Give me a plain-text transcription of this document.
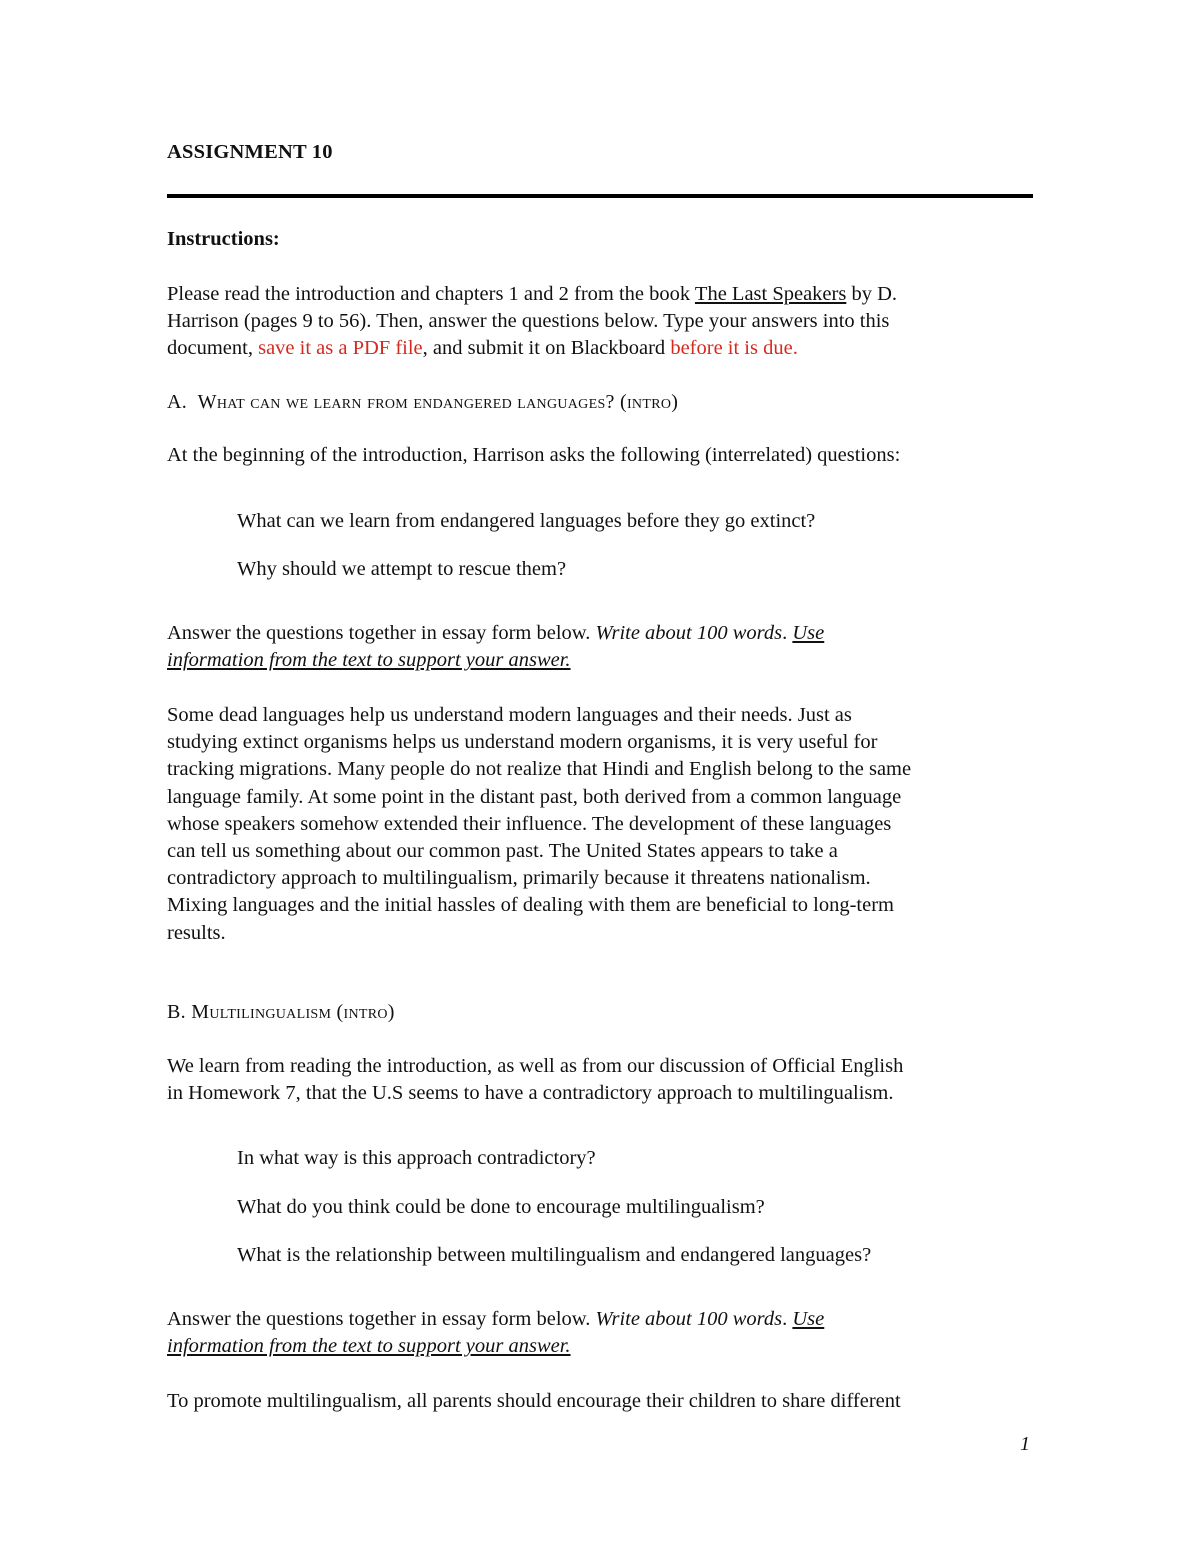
ASSIGNMENT 10
Instructions:
Please read the introduction and chapters 1 and 2 from the book The Last Speakers by D.
Harrison (pages 9 to 56). Then, answer the questions below. Type your answers into this
document, save it as a PDF file, and submit it on Blackboard before it is due.
A. What can we learn from endangered languages? (intro)
At the beginning of the introduction, Harrison asks the following (interrelated) questions:
What can we learn from endangered languages before they go extinct?
Why should we attempt to rescue them?
Answer the questions together in essay form below. Write about 100 words. Use
information from the text to support your answer.
Some dead languages help us understand modern languages and their needs. Just as
studying extinct organisms helps us understand modern organisms, it is very useful for
tracking migrations. Many people do not realize that Hindi and English belong to the same
language family. At some point in the distant past, both derived from a common language
whose speakers somehow extended their influence. The development of these languages
can tell us something about our common past. The United States appears to take a
contradictory approach to multilingualism, primarily because it threatens nationalism.
Mixing languages and the initial hassles of dealing with them are beneficial to long-term
results.
B. Multilingualism (intro)
We learn from reading the introduction, as well as from our discussion of Official English
in Homework 7, that the U.S seems to have a contradictory approach to multilingualism.
In what way is this approach contradictory?
What do you think could be done to encourage multilingualism?
What is the relationship between multilingualism and endangered languages?
Answer the questions together in essay form below. Write about 100 words. Use
information from the text to support your answer.
To promote multilingualism, all parents should encourage their children to share different
1
